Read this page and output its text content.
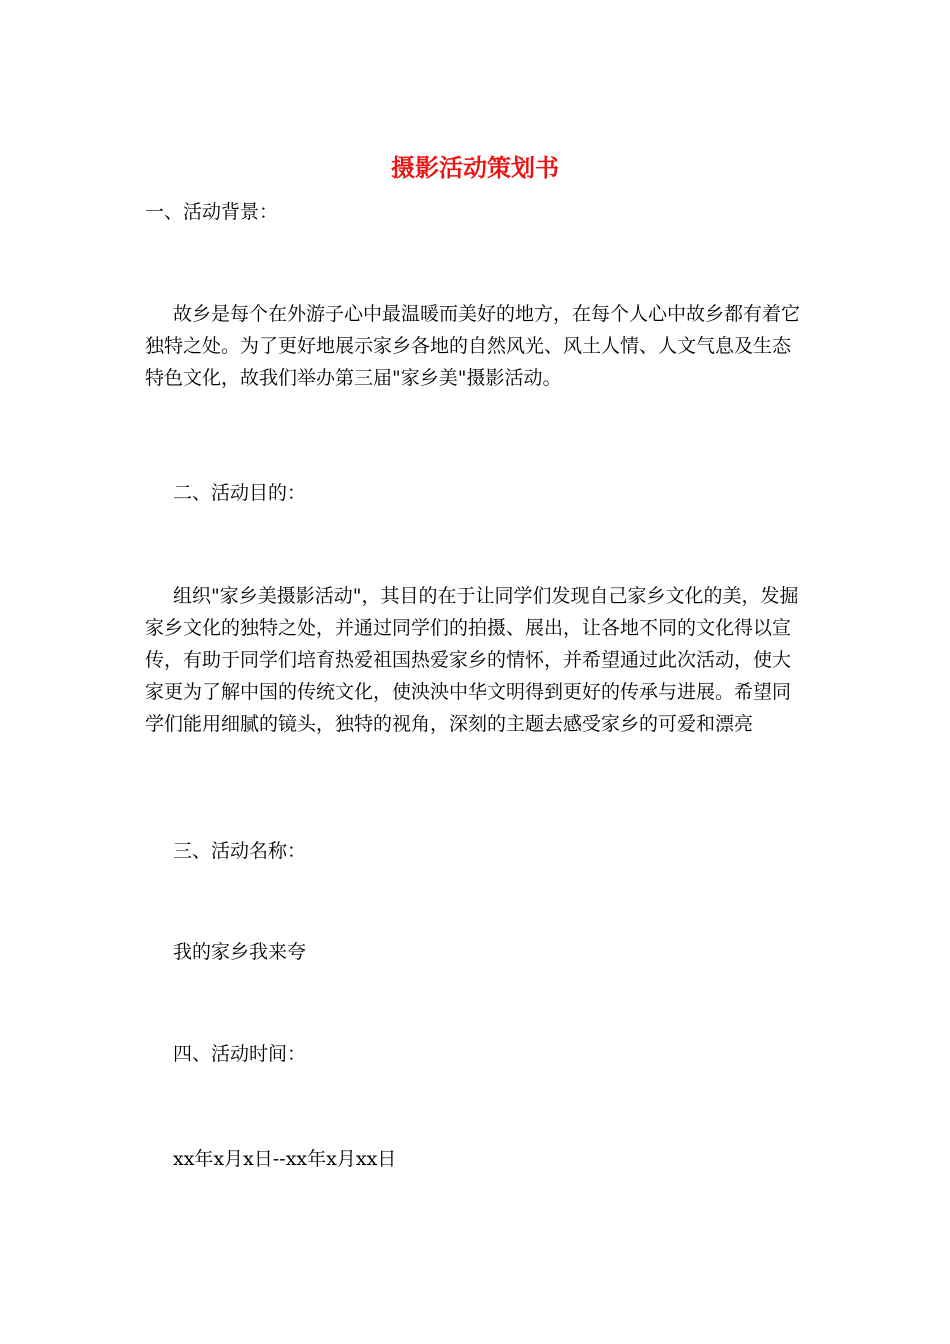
摄影活动策划书
一、活动背景：

故乡是每个在外游子心中最温暖而美好的地方，在每个人心中故乡都有着它

独特之处。为了更好地展示家乡各地的自然风光、风土人情、人文气息及生态

特色文化，故我们举办第三届"家乡美"摄影活动。

二、活动目的：

组织"家乡美摄影活动"，其目的在于让同学们发现自己家乡文化的美，发掘

家乡文化的独特之处，并通过同学们的拍摄、展出，让各地不同的文化得以宣

传，有助于同学们培育热爱祖国热爱家乡的情怀，并希望通过此次活动，使大

家更为了解中国的传统文化，使泱泱中华文明得到更好的传承与进展。希望同

学们能用细腻的镜头，独特的视角，深刻的主题去感受家乡的可爱和漂亮

三、活动名称：
我的家乡我来夸
四、活动时间：
xx年x月x日--xx年x月xx日
